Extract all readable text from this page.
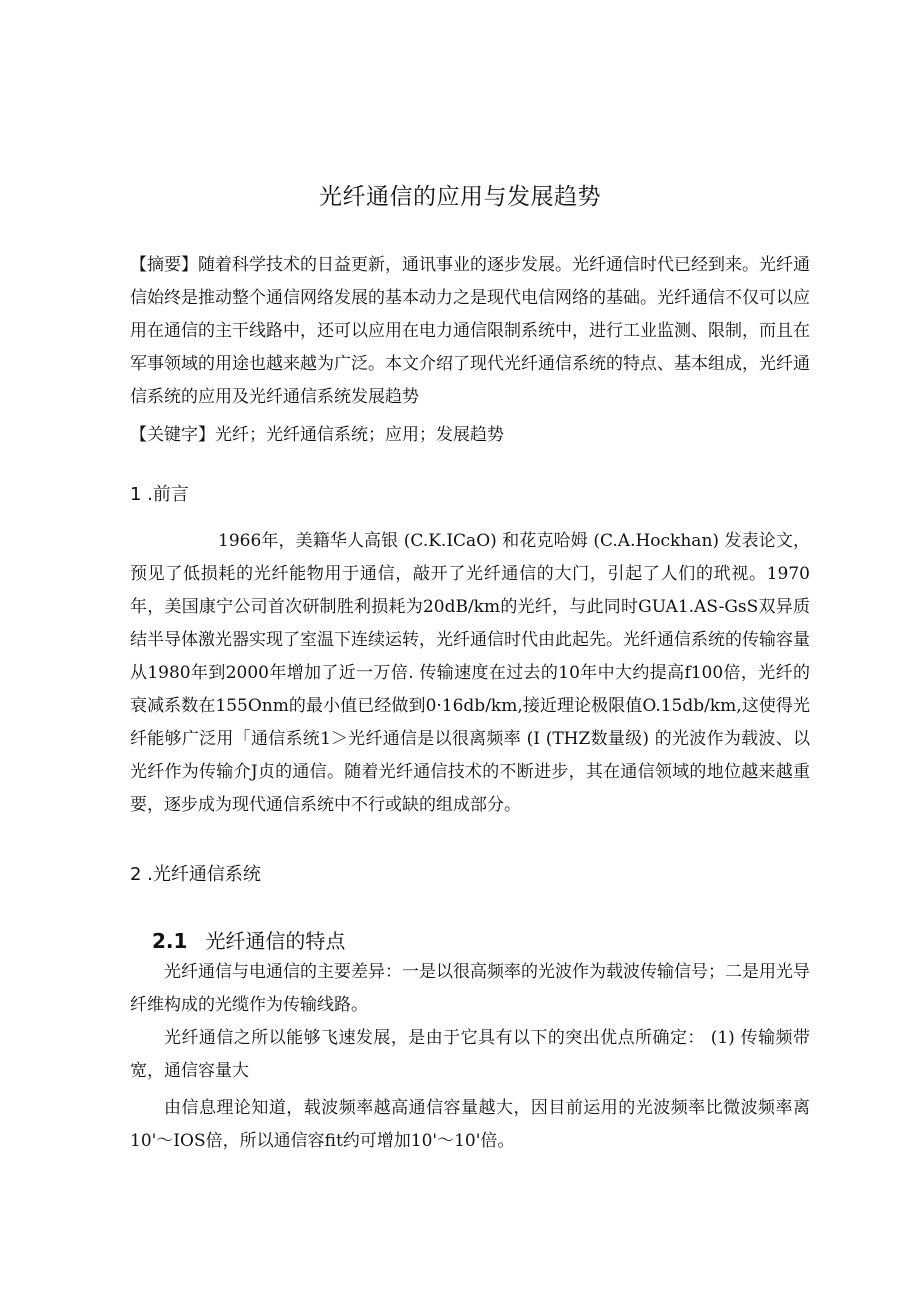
光纤通信的应用与发展趋势

【摘要】随着科学技术的日益更新，通讯事业的逐步发展。光纤通信时代已经到来。光纤通信始终是推动整个通信网络发展的基本动力之是现代电信网络的基础。光纤通信不仅可以应用在通信的主干线路中，还可以应用在电力通信限制系统中，进行工业监测、限制，而且在军事领域的用途也越来越为广泛。本文介绍了现代光纤通信系统的特点、基本组成，光纤通信系统的应用及光纤通信系统发展趋势

【关键字】光纤；光纤通信系统；应用；发展趋势
1 .前言

1966年，美籍华人高银 (C.K.ICaO) 和花克哈姆 (C.A.Hockhan) 发表论文，预见了低损耗的光纤能物用于通信，敲开了光纤通信的大门，引起了人们的玳视。1970年，美国康宁公司首次研制胜利损耗为20dB/km的光纤，与此同时GUA1.AS-GsS双异质结半导体激光器实现了室温下连续运转，光纤通信时代由此起先。光纤通信系统的传输容量从1980年到2000年增加了近一万倍. 传输速度在过去的10年中大约提高f100倍，光纤的衰减系数在155Onm的最小值已经做到0·16db/km,接近理论极限值O.15db/km,这使得光纤能够广泛用「通信系统1＞光纤通信是以很离频率 (I (THZ数量级) 的光波作为载波、以光纤作为传输介J贞的通信。随着光纤通信技术的不断进步，其在通信领域的地位越来越重要，逐步成为现代通信系统中不行或缺的组成部分。

2 .光纤通信系统
2.1 光纤通信的特点

光纤通信与电通信的主要差异：一是以很高频率的光波作为载波传输信号；二是用光导纤维构成的光缆作为传输线路。

光纤通信之所以能够飞速发展，是由于它具有以下的突出优点所确定： (1) 传输频带宽，通信容量大

由信息理论知道，载波频率越高通信容量越大，因目前运用的光波频率比微波频率离10'～IOS倍，所以通信容fit约可增加10'～10'倍。
